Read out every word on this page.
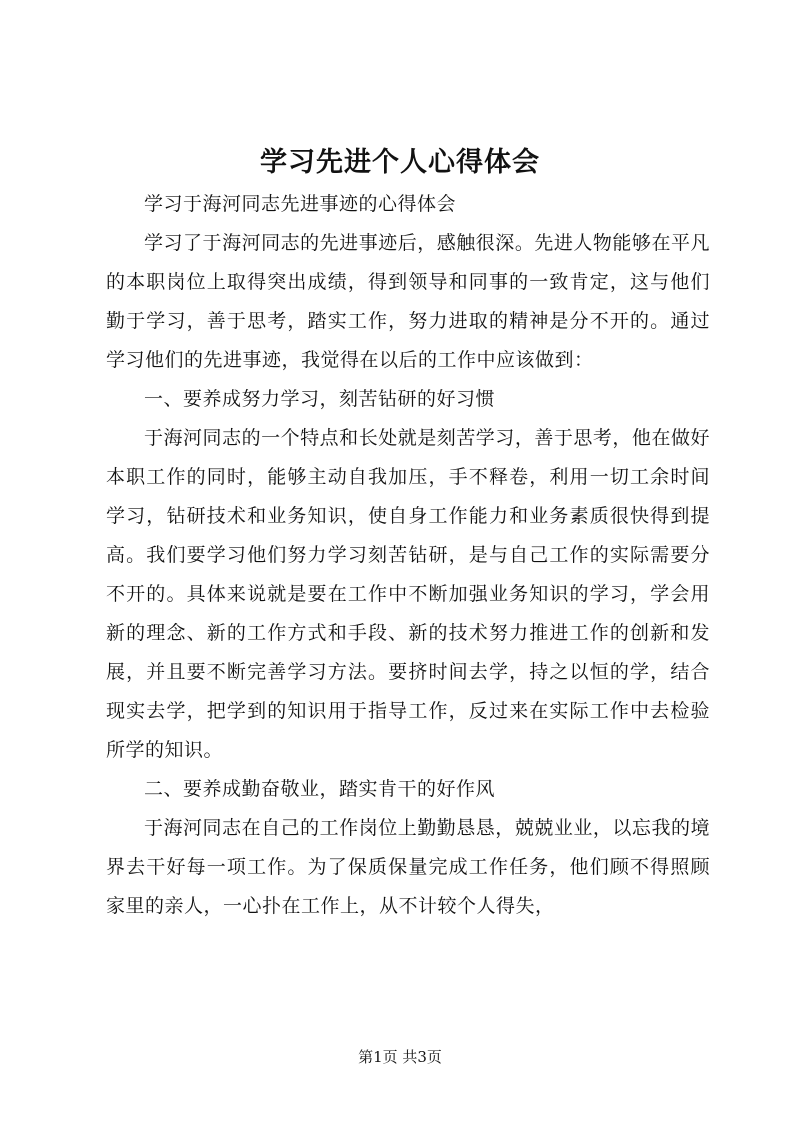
学习先进个人心得体会

学习于海河同志先进事迹的心得体会

学习了于海河同志的先进事迹后，感触很深。先进人物能够在平凡的本职岗位上取得突出成绩，得到领导和同事的一致肯定，这与他们勤于学习，善于思考，踏实工作，努力进取的精神是分不开的。通过学习他们的先进事迹，我觉得在以后的工作中应该做到：

一、要养成努力学习，刻苦钻研的好习惯

于海河同志的一个特点和长处就是刻苦学习，善于思考，他在做好本职工作的同时，能够主动自我加压，手不释卷，利用一切工余时间学习，钻研技术和业务知识，使自身工作能力和业务素质很快得到提高。我们要学习他们努力学习刻苦钻研，是与自己工作的实际需要分不开的。具体来说就是要在工作中不断加强业务知识的学习，学会用新的理念、新的工作方式和手段、新的技术努力推进工作的创新和发展，并且要不断完善学习方法。要挤时间去学，持之以恒的学，结合现实去学，把学到的知识用于指导工作，反过来在实际工作中去检验所学的知识。

二、要养成勤奋敬业，踏实肯干的好作风

于海河同志在自己的工作岗位上勤勤恳恳，兢兢业业，以忘我的境界去干好每一项工作。为了保质保量完成工作任务，他们顾不得照顾家里的亲人，一心扑在工作上，从不计较个人得失，

第1页 共3页
